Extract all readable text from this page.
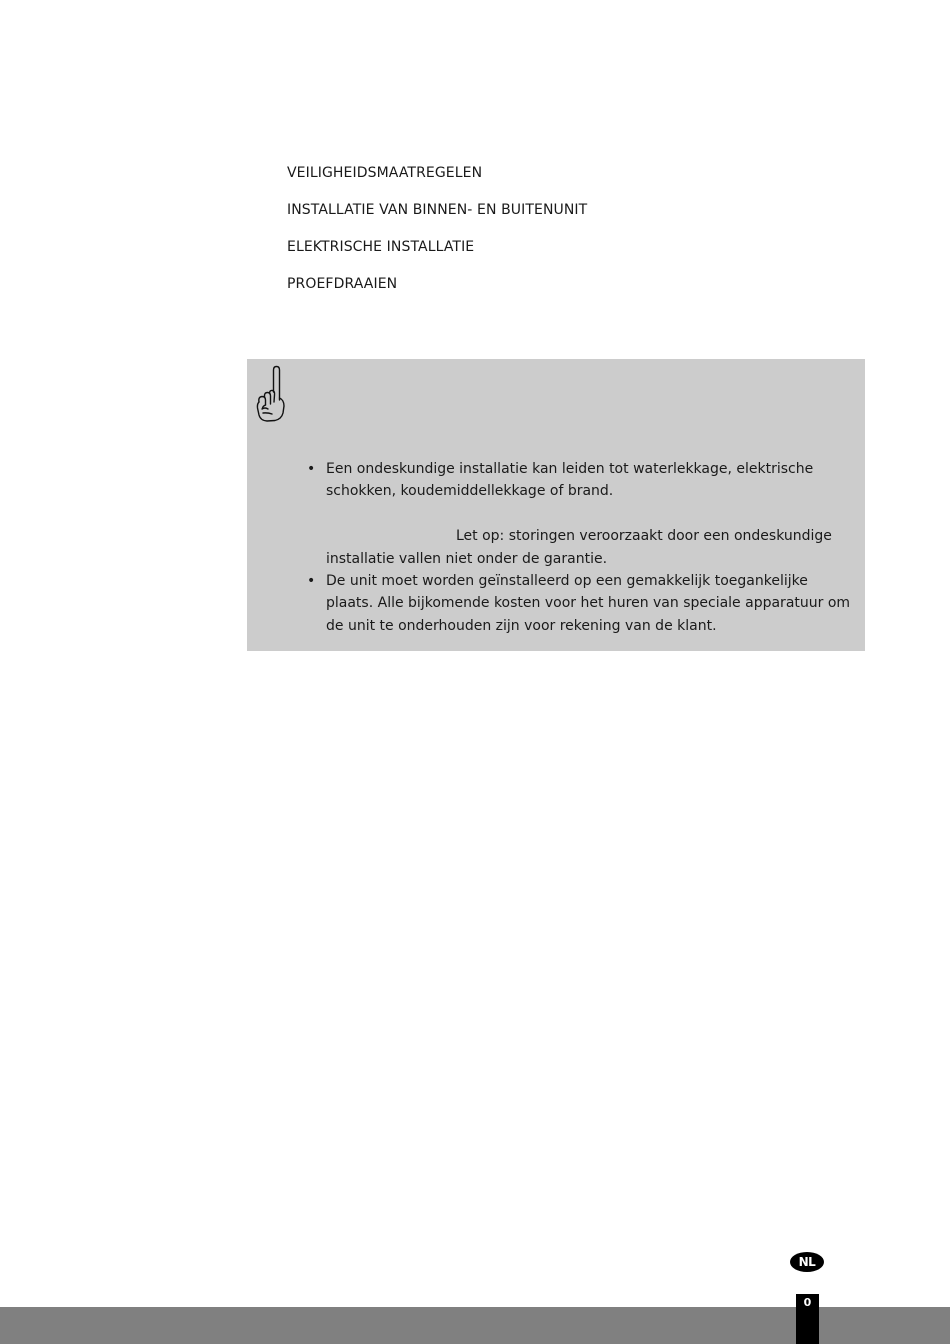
VEILIGHEIDSMAATREGELEN
INSTALLATIE VAN BINNEN- EN BUITENUNIT
ELEKTRISCHE INSTALLATIE
PROEFDRAAIEN
• Een ondeskundige installatie kan leiden tot waterlekkage, elektrische
schokken, koudemiddellekkage of brand.
Let op: storingen veroorzaakt door een ondeskundige
installatie vallen niet onder de garantie.
• De unit moet worden geïnstalleerd op een gemakkelijk toegankelijke
plaats. Alle bijkomende kosten voor het huren van speciale apparatuur om
de unit te onderhouden zijn voor rekening van de klant.
NL
0
